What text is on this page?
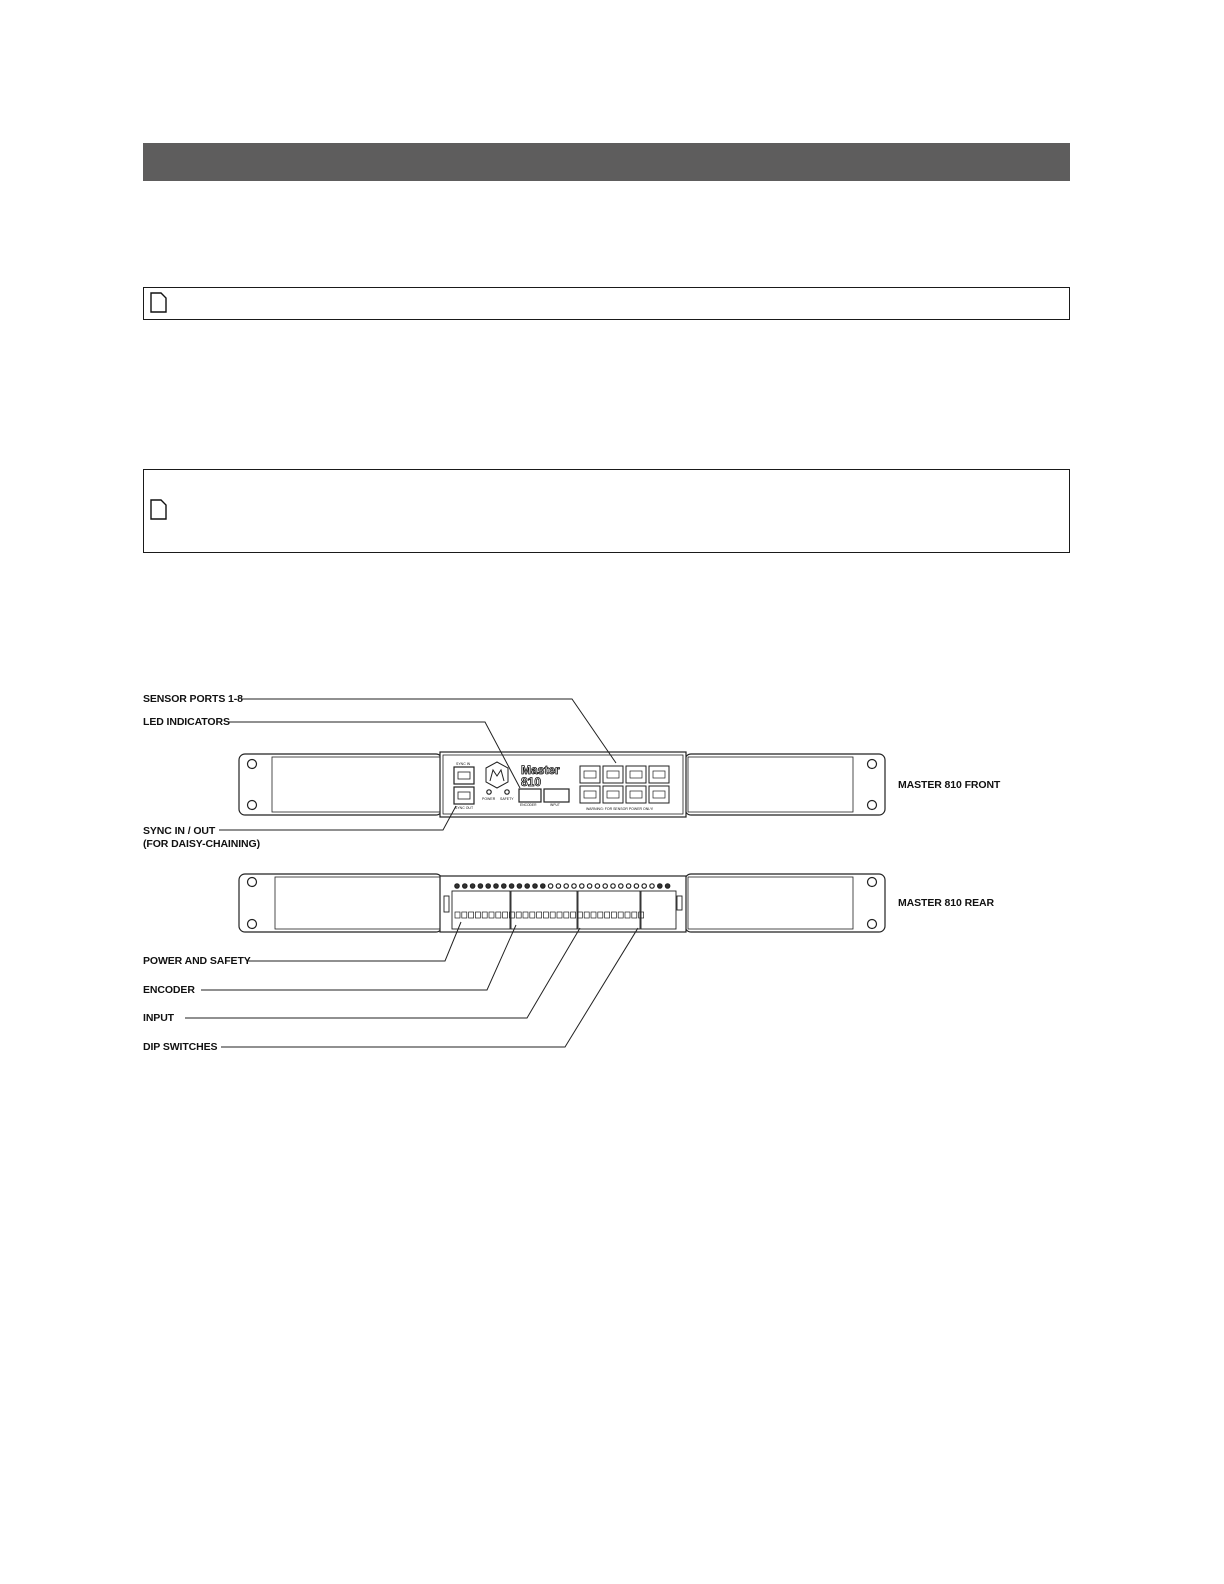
Master
810
SYNC IN
SYNC OUT
POWER SAFETY
ENCODER	INPUT
WARNING: FOR SENSOR POWER ONLY!
SENSOR PORTS 1-8
LED INDICATORS
SYNC IN / OUT
(FOR DAISY-CHAINING)
MASTER 810 FRONT
MASTER 810 REAR
POWER AND SAFETY
ENCODER
INPUT
DIP SWITCHES
